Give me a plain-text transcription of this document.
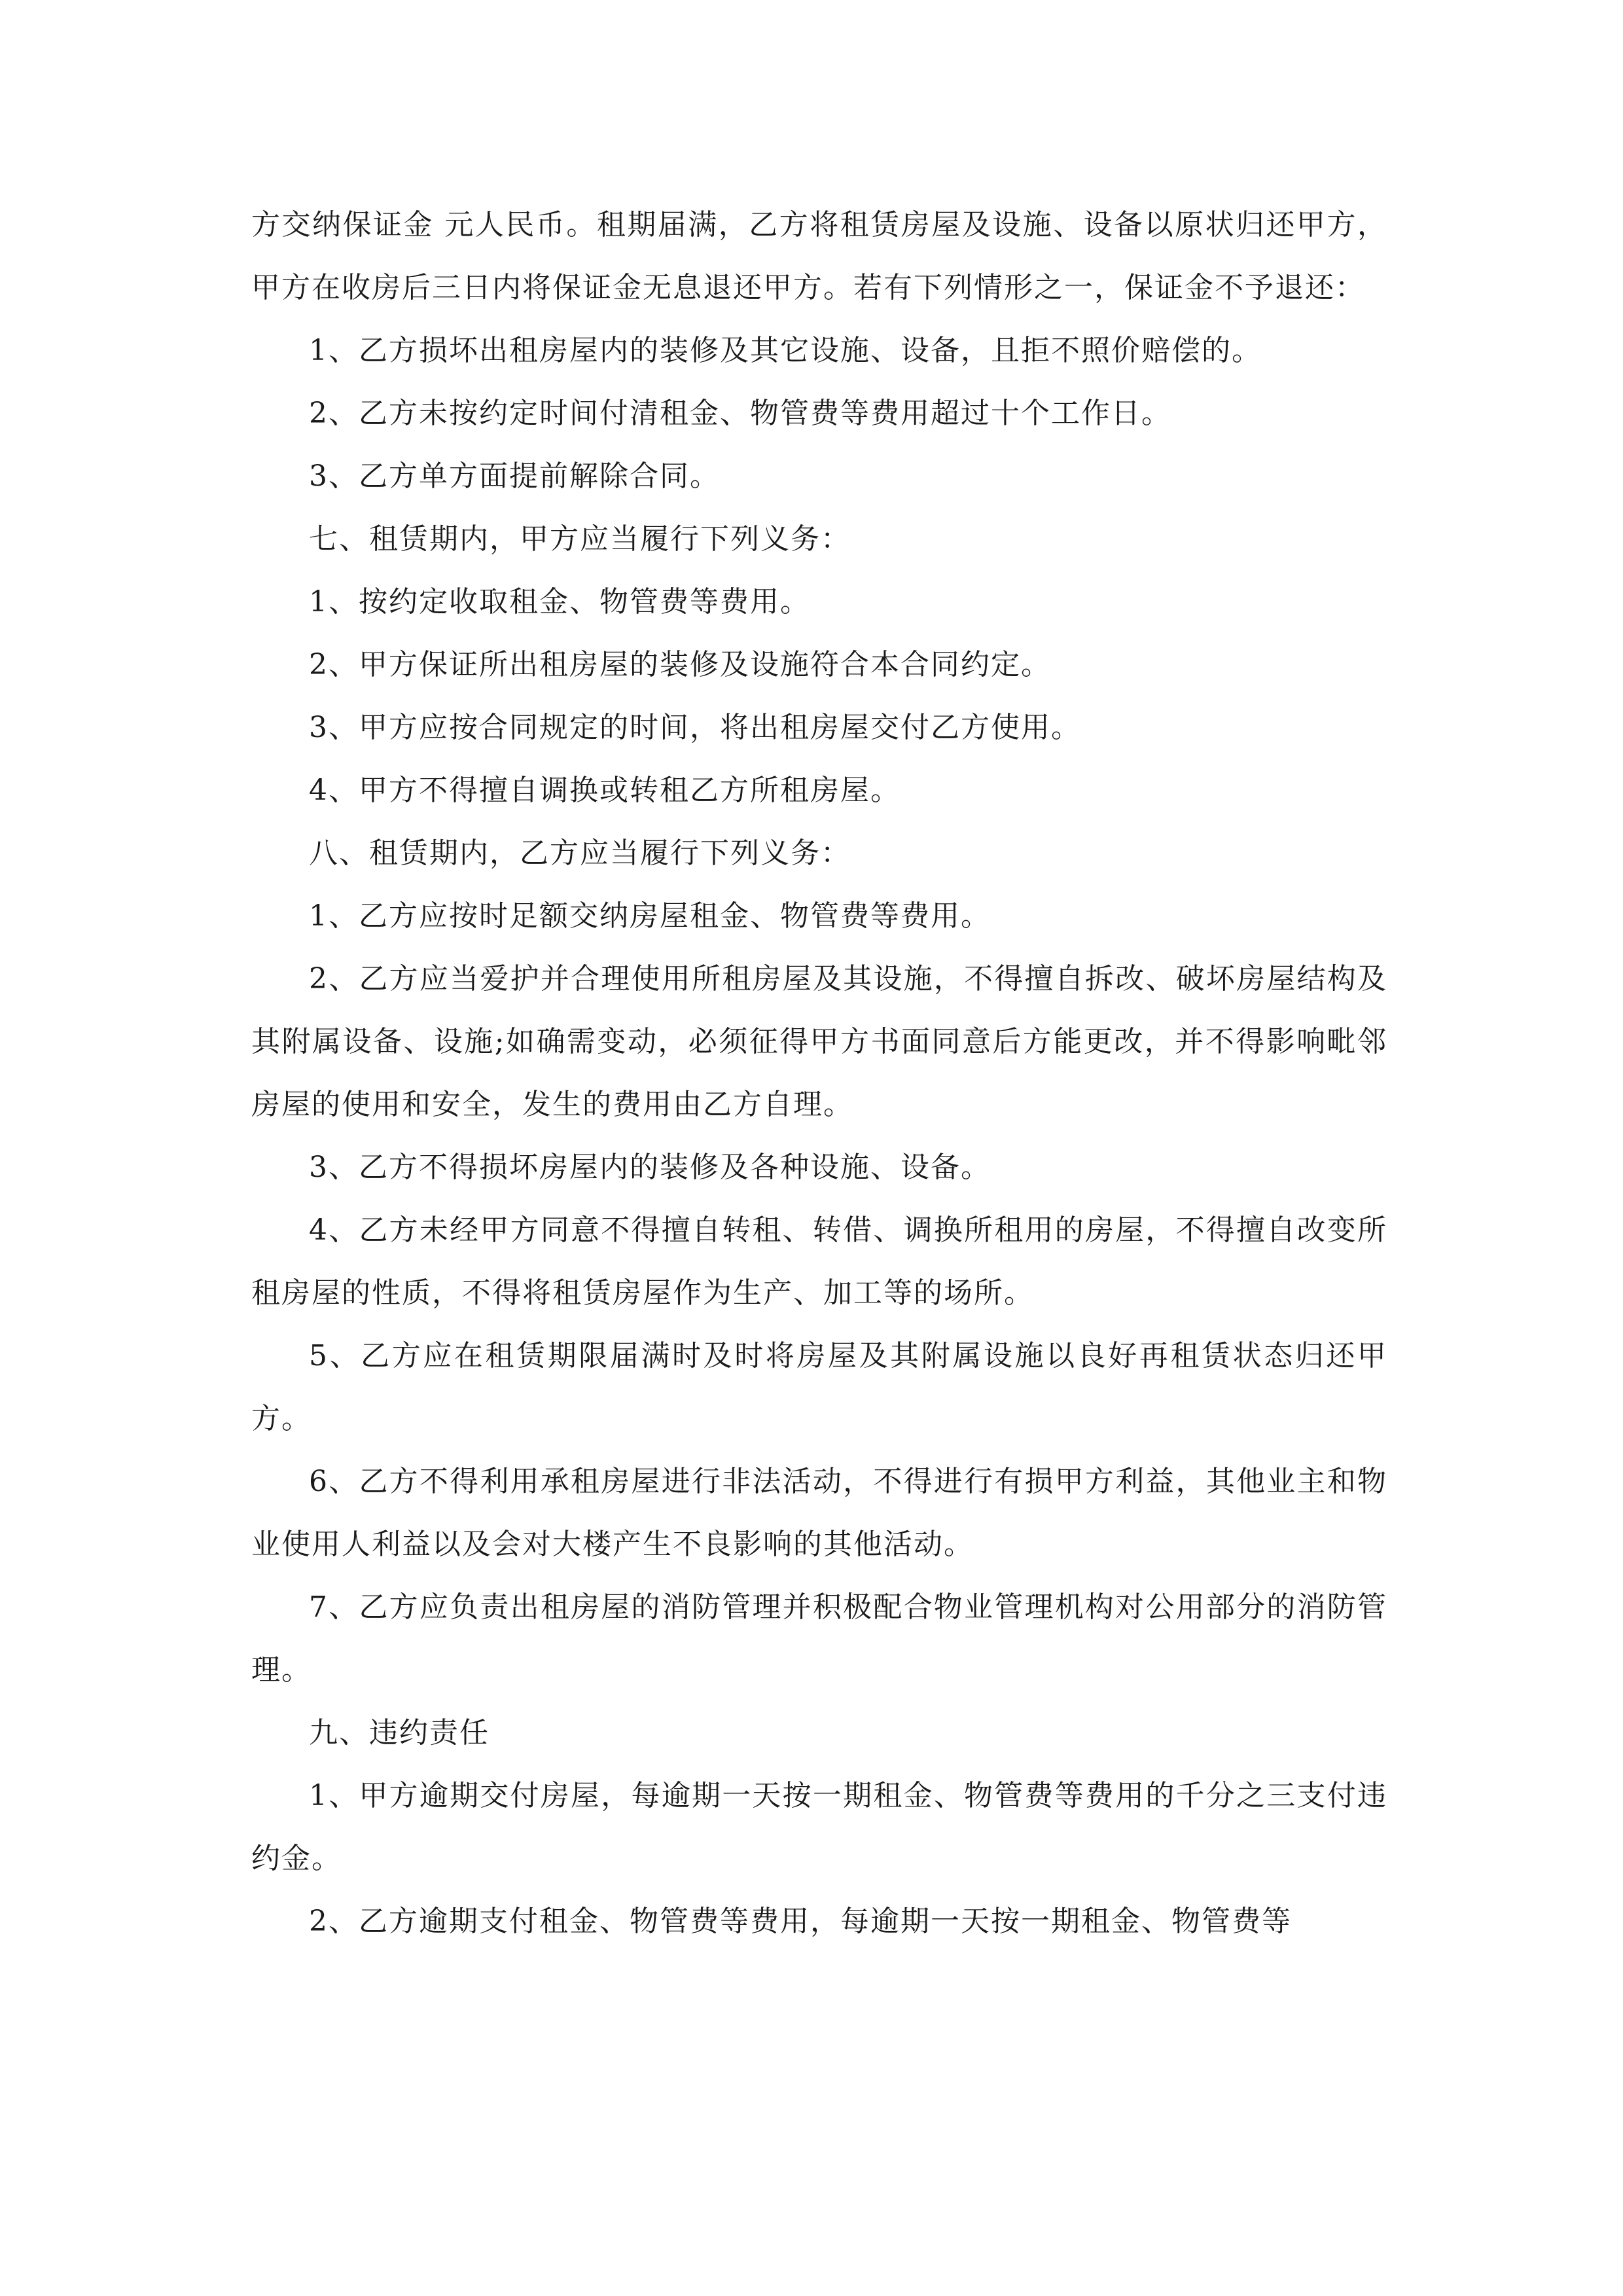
方交纳保证金 元人民币。租期届满，乙方将租赁房屋及设施、设备以原状归还甲方，甲方在收房后三日内将保证金无息退还甲方。若有下列情形之一，保证金不予退还：

1、乙方损坏出租房屋内的装修及其它设施、设备，且拒不照价赔偿的。

2、乙方未按约定时间付清租金、物管费等费用超过十个工作日。

3、乙方单方面提前解除合同。

七、租赁期内，甲方应当履行下列义务：

1、按约定收取租金、物管费等费用。

2、甲方保证所出租房屋的装修及设施符合本合同约定。

3、甲方应按合同规定的时间，将出租房屋交付乙方使用。

4、甲方不得擅自调换或转租乙方所租房屋。

八、租赁期内，乙方应当履行下列义务：

1、乙方应按时足额交纳房屋租金、物管费等费用。

2、乙方应当爱护并合理使用所租房屋及其设施，不得擅自拆改、破坏房屋结构及其附属设备、设施;如确需变动，必须征得甲方书面同意后方能更改，并不得影响毗邻房屋的使用和安全，发生的费用由乙方自理。

3、乙方不得损坏房屋内的装修及各种设施、设备。

4、乙方未经甲方同意不得擅自转租、转借、调换所租用的房屋，不得擅自改变所租房屋的性质，不得将租赁房屋作为生产、加工等的场所。

5、乙方应在租赁期限届满时及时将房屋及其附属设施以良好再租赁状态归还甲方。

6、乙方不得利用承租房屋进行非法活动，不得进行有损甲方利益，其他业主和物业使用人利益以及会对大楼产生不良影响的其他活动。

7、乙方应负责出租房屋的消防管理并积极配合物业管理机构对公用部分的消防管理。

九、违约责任

1、甲方逾期交付房屋，每逾期一天按一期租金、物管费等费用的千分之三支付违约金。

2、乙方逾期支付租金、物管费等费用，每逾期一天按一期租金、物管费等
